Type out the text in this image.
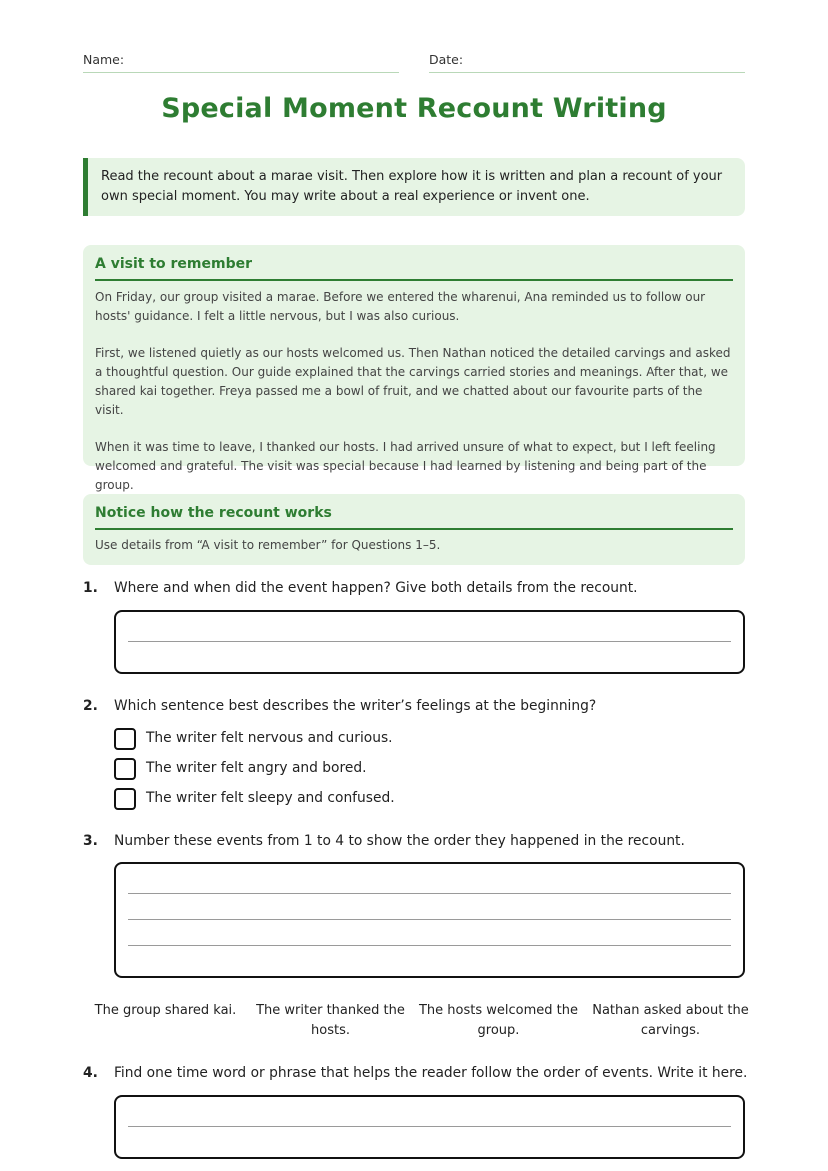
Name:	Date:
Special Moment Recount Writing
Read the recount about a marae visit. Then explore how it is written and plan a recount of your own special moment. You may write about a real experience or invent one.
A visit to remember

On Friday, our group visited a marae. Before we entered the wharenui, Ana reminded us to follow our hosts' guidance. I felt a little nervous, but I was also curious.

First, we listened quietly as our hosts welcomed us. Then Nathan noticed the detailed carvings and asked a thoughtful question. Our guide explained that the carvings carried stories and meanings. After that, we shared kai together. Freya passed me a bowl of fruit, and we chatted about our favourite parts of the visit.

When it was time to leave, I thanked our hosts. I had arrived unsure of what to expect, but I left feeling welcomed and grateful. The visit was special because I had learned by listening and being part of the group.

Notice how the recount works
Use details from “A visit to remember” for Questions 1–5.
1. Where and when did the event happen? Give both details from the recount.
2. Which sentence best describes the writer’s feelings at the beginning?
The writer felt nervous and curious.
The writer felt angry and bored.
The writer felt sleepy and confused.
3. Number these events from 1 to 4 to show the order they happened in the recount.
The group shared kai.	The writer thanked the hosts.
The hosts welcomed the group.
Nathan asked about the carvings.
4. Find one time word or phrase that helps the reader follow the order of events. Write it here.
